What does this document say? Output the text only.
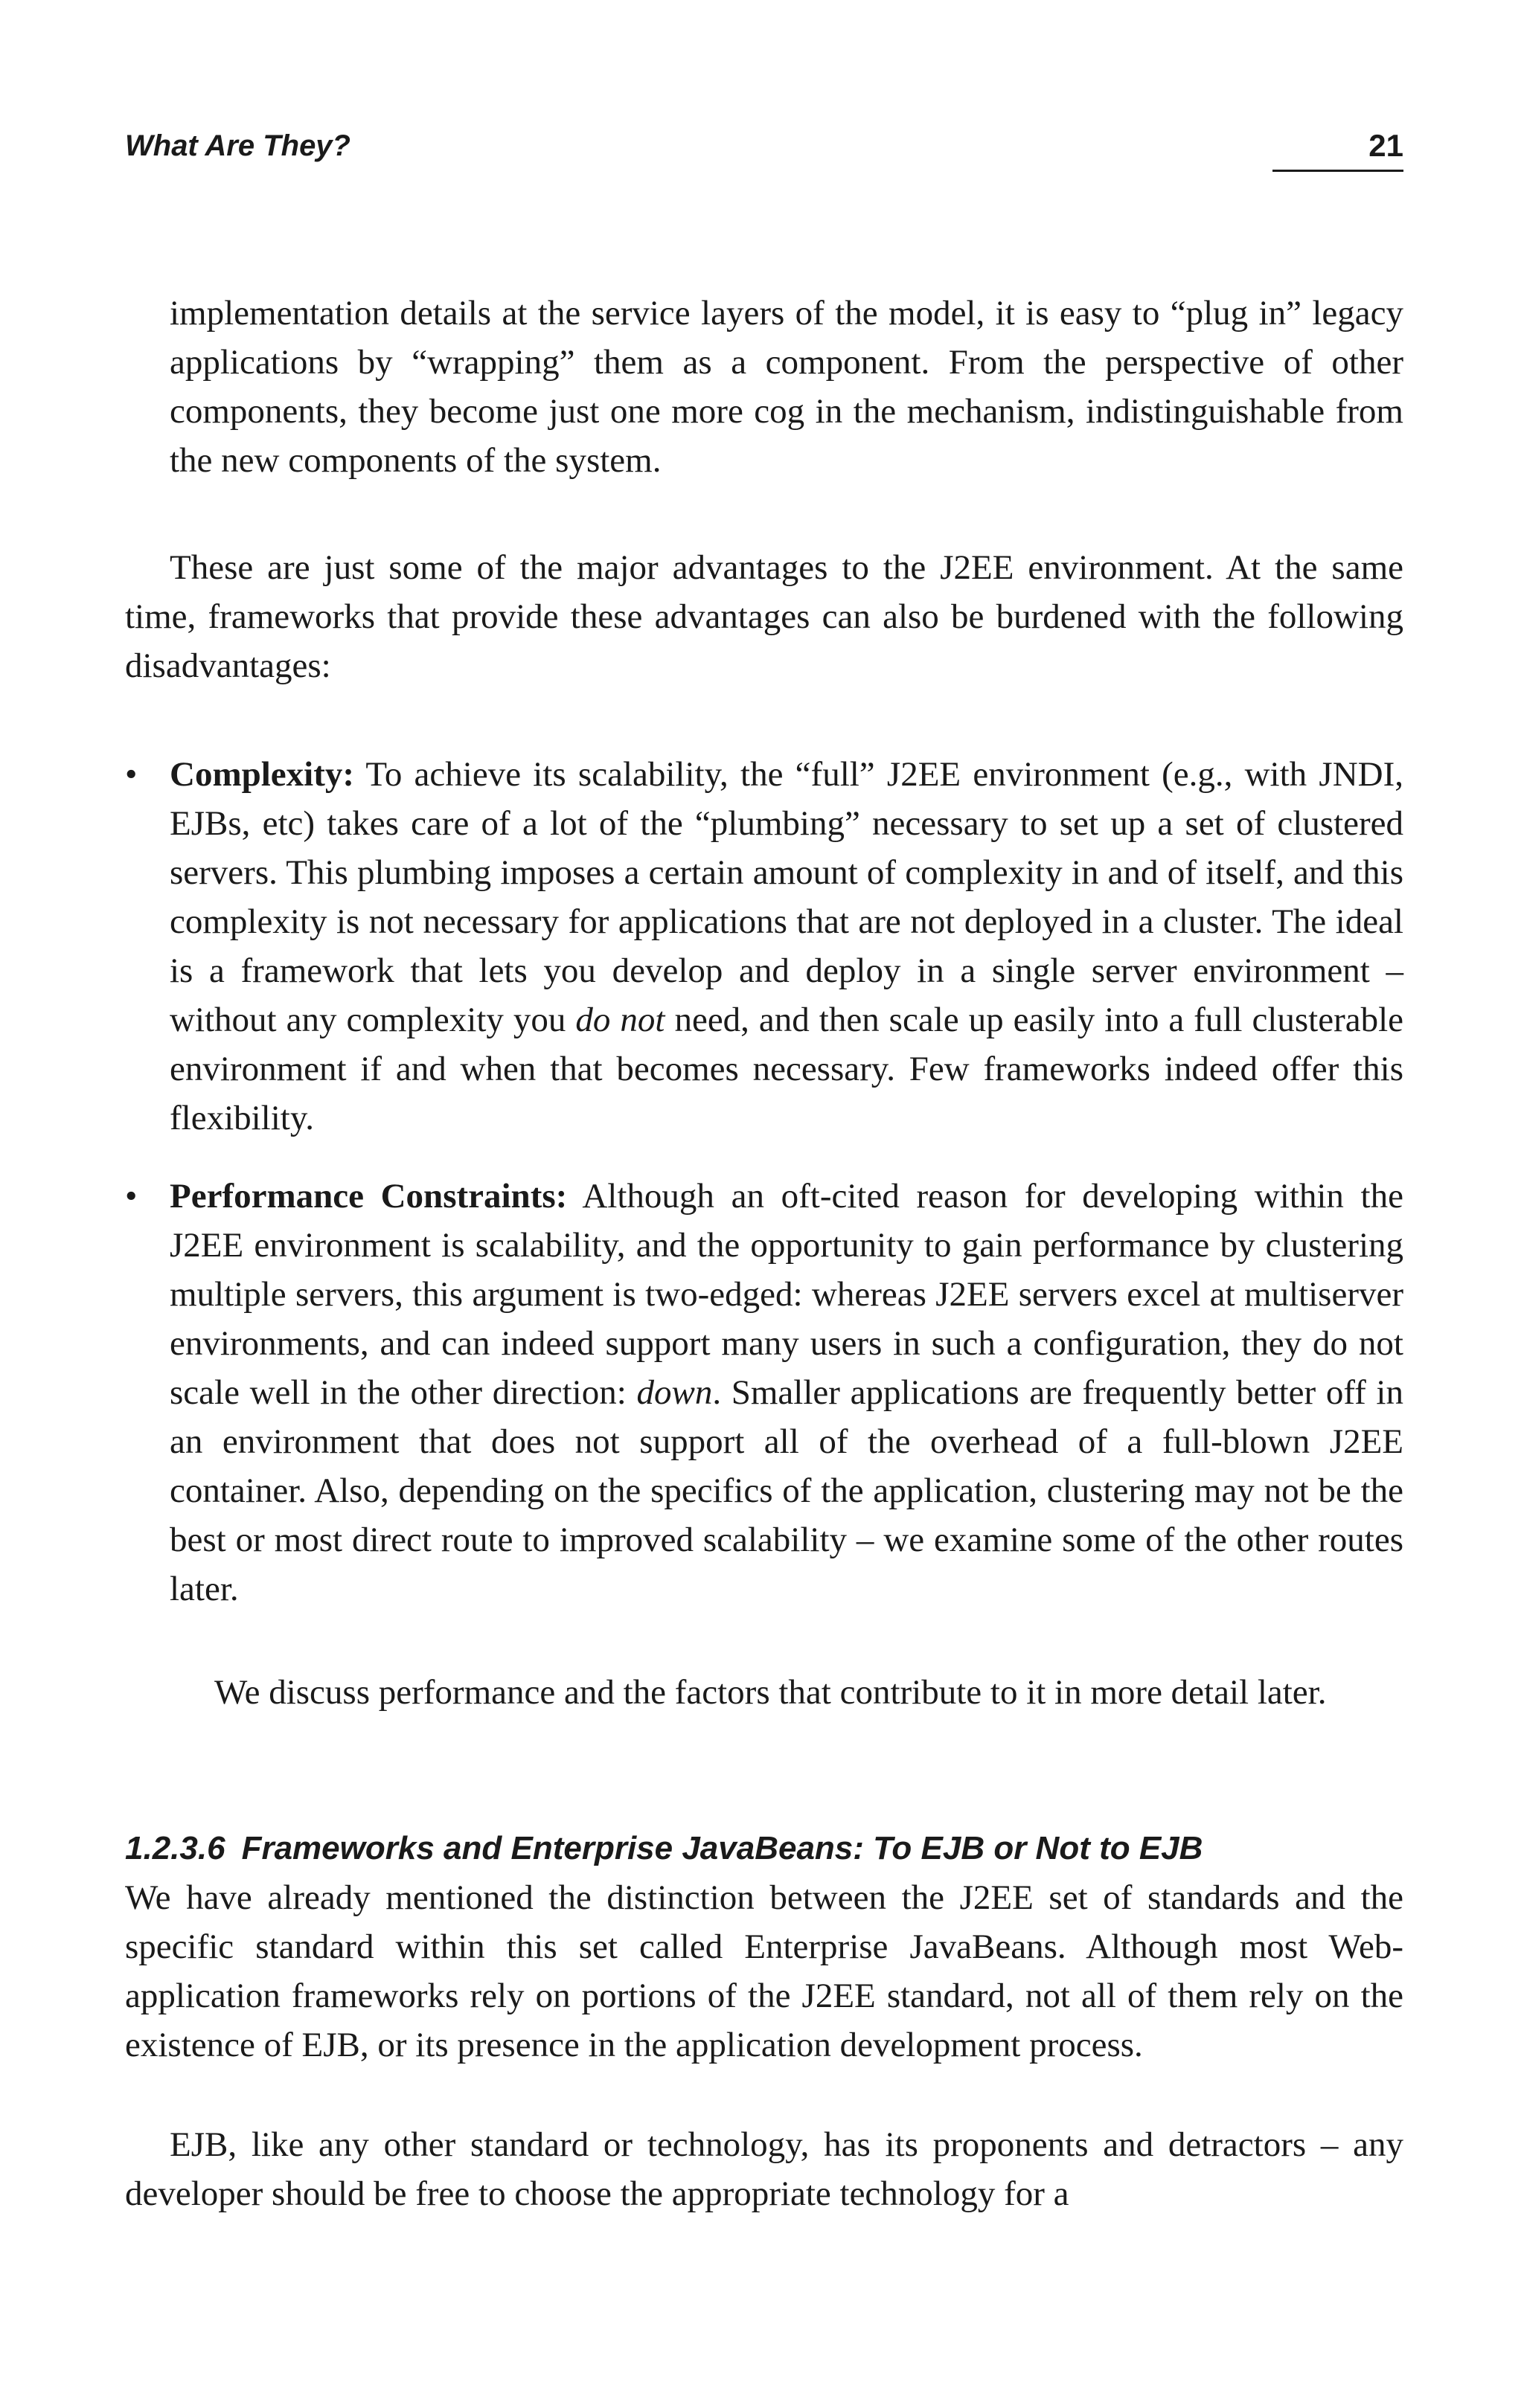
What Are They?	21

implementation details at the service layers of the model, it is easy to “plug in” legacy applications by “wrapping” them as a component. From the perspective of other components, they become just one more cog in the mechanism, indistinguishable from the new components of the system.

These are just some of the major advantages to the J2EE environment. At the same time, frameworks that provide these advantages can also be burdened with the following disadvantages:

• Complexity: To achieve its scalability, the “full” J2EE environment (e.g., with JNDI, EJBs, etc) takes care of a lot of the “plumbing” necessary to set up a set of clustered servers. This plumbing imposes a certain amount of complexity in and of itself, and this complexity is not necessary for applications that are not deployed in a cluster. The ideal is a framework that lets you develop and deploy in a single server environment – without any complexity you do not need, and then scale up easily into a full clusterable environment if and when that becomes necessary. Few frameworks indeed offer this flexibility.

• Performance Constraints: Although an oft-cited reason for developing within the J2EE environment is scalability, and the opportunity to gain performance by clustering multiple servers, this argument is two-edged: whereas J2EE servers excel at multiserver environments, and can indeed support many users in such a configuration, they do not scale well in the other direction: down. Smaller applications are frequently better off in an environment that does not support all of the overhead of a full-blown J2EE container. Also, depending on the specifics of the application, clustering may not be the best or most direct route to improved scalability – we examine some of the other routes later.

We discuss performance and the factors that contribute to it in more detail later.

1.2.3.6 Frameworks and Enterprise JavaBeans: To EJB or Not to EJB

We have already mentioned the distinction between the J2EE set of standards and the specific standard within this set called Enterprise JavaBeans. Although most Web-application frameworks rely on portions of the J2EE standard, not all of them rely on the existence of EJB, or its presence in the application development process.

EJB, like any other standard or technology, has its proponents and detractors – any developer should be free to choose the appropriate technology for a
